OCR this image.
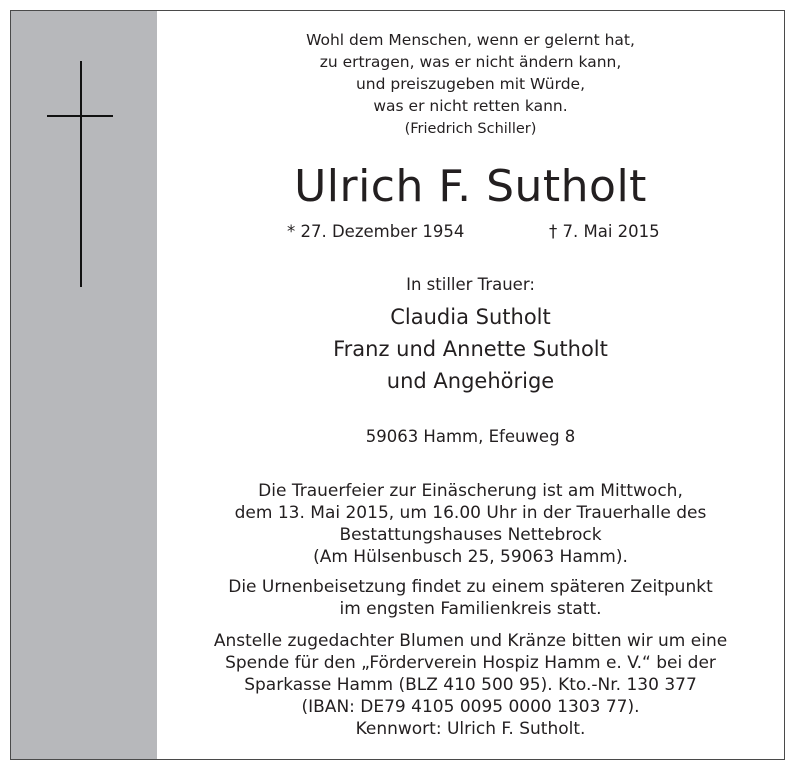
Wohl dem Menschen, wenn er gelernt hat,
zu ertragen, was er nicht ändern kann,
und preiszugeben mit Würde,
was er nicht retten kann.
(Friedrich Schiller)
Ulrich F. Sutholt
* 27. Dezember 1954	† 7. Mai 2015
In stiller Trauer:
Claudia Sutholt
Franz und Annette Sutholt
und Angehörige
59063 Hamm, Efeuweg 8
Die Trauerfeier zur Einäscherung ist am Mittwoch,
dem 13. Mai 2015, um 16.00 Uhr in der Trauerhalle des
Bestattungshauses Nettebrock
(Am Hülsenbusch 25, 59063 Hamm).
Die Urnenbeisetzung findet zu einem späteren Zeitpunkt
im engsten Familienkreis statt.
Anstelle zugedachter Blumen und Kränze bitten wir um eine
Spende für den „Förderverein Hospiz Hamm e. V.“ bei der
Sparkasse Hamm (BLZ 410 500 95). Kto.-Nr. 130 377
(IBAN: DE79 4105 0095 0000 1303 77).
Kennwort: Ulrich F. Sutholt.
